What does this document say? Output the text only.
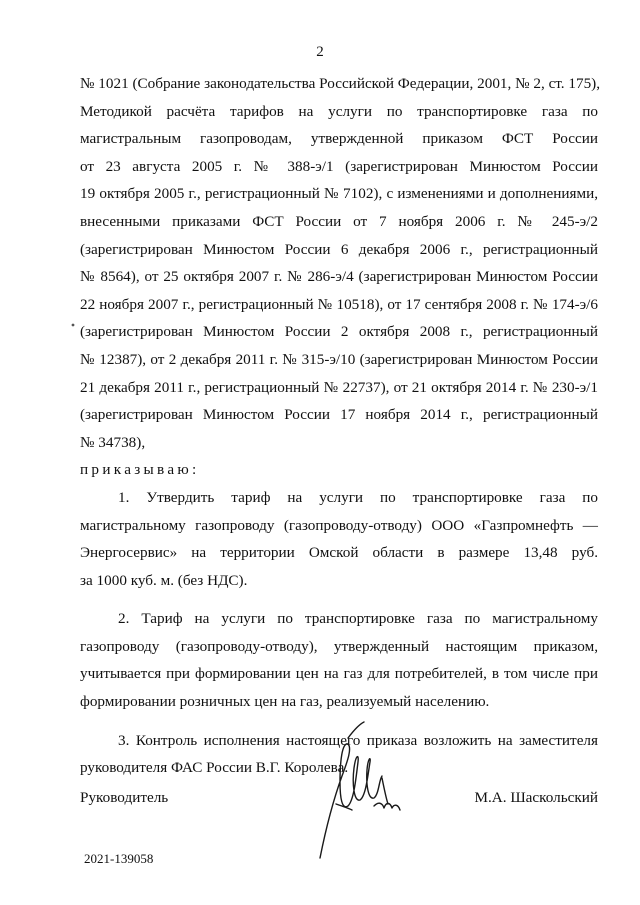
2
№ 1021 (Собрание законодательства Российской Федерации, 2001, № 2, ст. 175),
Методикой расчёта тарифов на услуги по транспортировке газа по
магистральным газопроводам, утвержденной приказом ФСТ России
от 23 августа 2005 г. № 388-э/1 (зарегистрирован Минюстом России
19 октября 2005 г., регистрационный № 7102), с изменениями и дополнениями,
внесенными приказами ФСТ России от 7 ноября 2006 г. № 245-э/2
(зарегистрирован Минюстом России 6 декабря 2006 г., регистрационный
№ 8564), от 25 октября 2007 г. № 286-э/4 (зарегистрирован Минюстом России
22 ноября 2007 г., регистрационный № 10518), от 17 сентября 2008 г. № 174-э/6
(зарегистрирован Минюстом России 2 октября 2008 г., регистрационный
№ 12387), от 2 декабря 2011 г. № 315-э/10 (зарегистрирован Минюстом России
21 декабря 2011 г., регистрационный № 22737), от 21 октября 2014 г. № 230-э/1
(зарегистрирован Минюстом России 17 ноября 2014 г., регистрационный
№ 34738),
приказываю:
1. Утвердить тариф на услуги по транспортировке газа по
магистральному газопроводу (газопроводу-отводу) ООО «Газпромнефть —
Энергосервис» на территории Омской области в размере 13,48 руб.
за 1000 куб. м. (без НДС).
2. Тариф на услуги по транспортировке газа по магистральному
газопроводу (газопроводу-отводу), утвержденный настоящим приказом,
учитывается при формировании цен на газ для потребителей, в том числе при
формировании розничных цен на газ, реализуемый населению.
3. Контроль исполнения настоящего приказа возложить на заместителя
руководителя ФАС России В.Г. Королева.
Руководитель	М.А. Шаскольский
2021-139058
